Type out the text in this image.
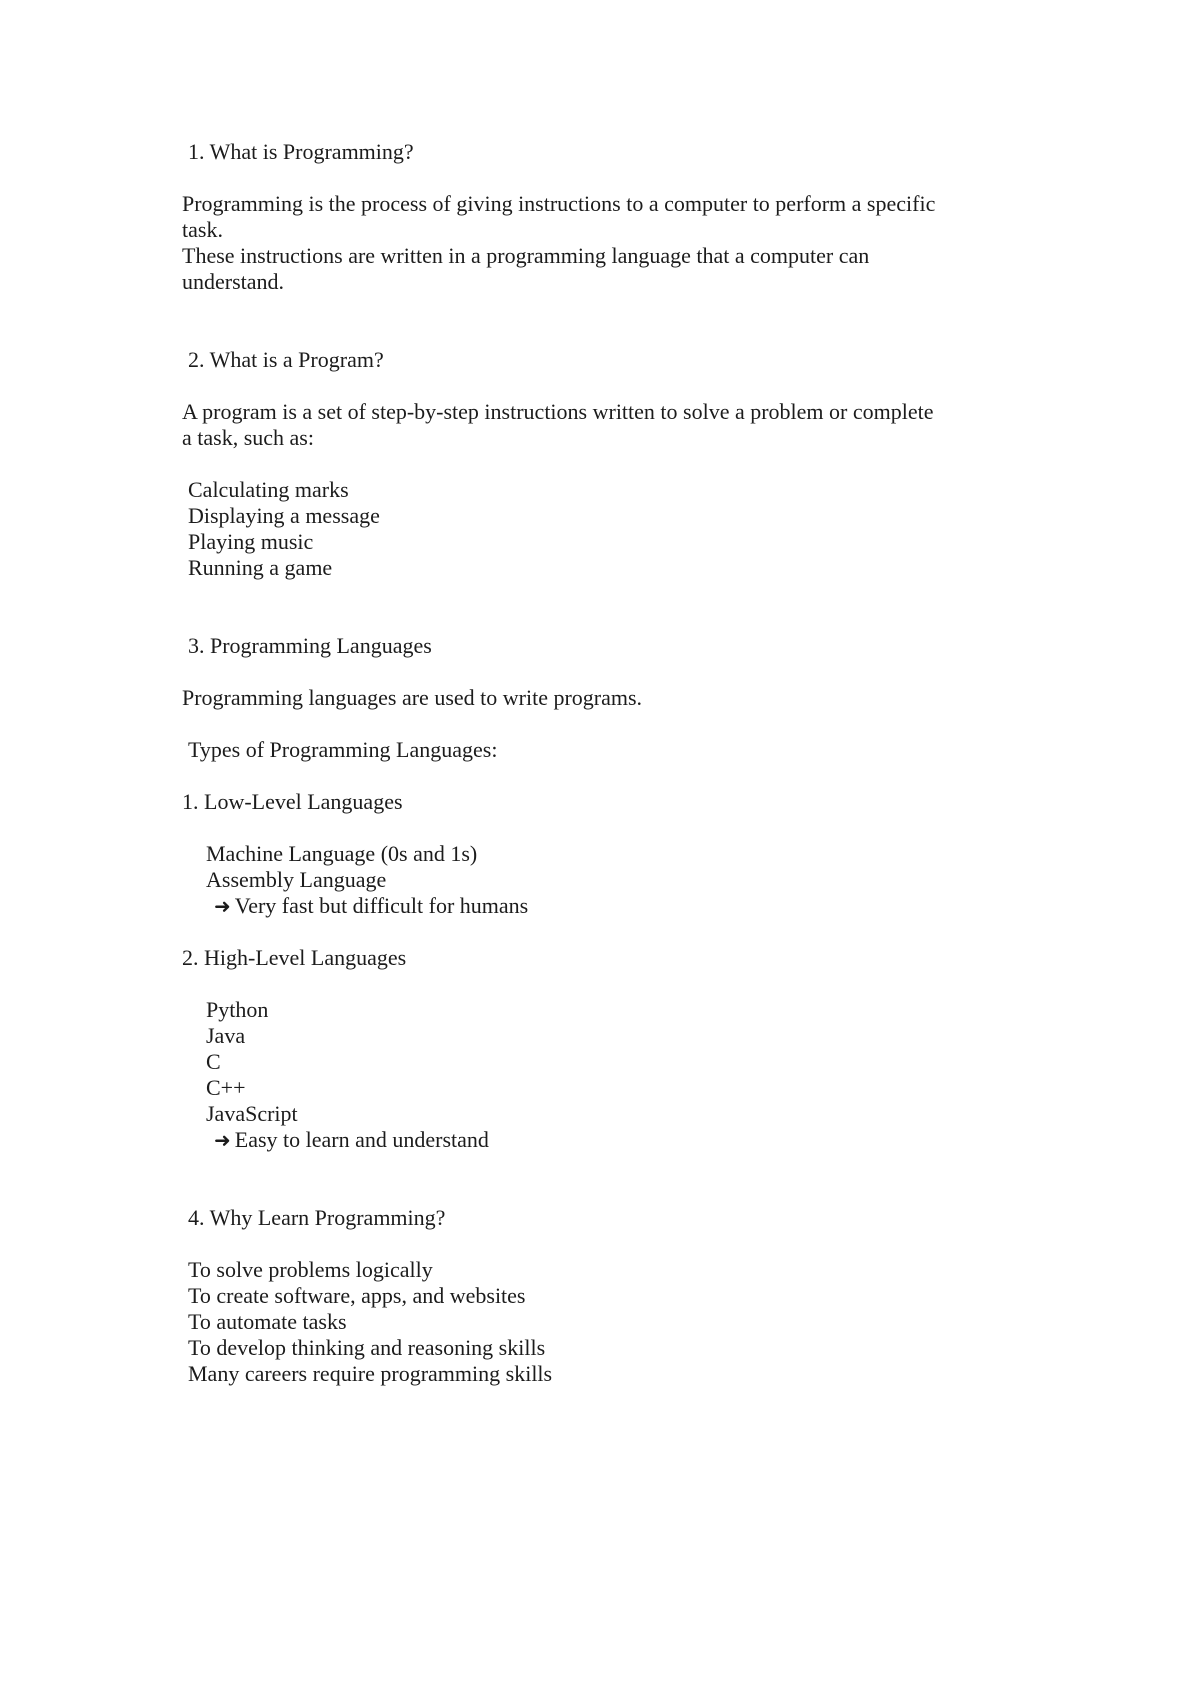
1. What is Programming?
Programming is the process of giving instructions to a computer to perform a specific
task.
These instructions are written in a programming language that a computer can
understand.
2. What is a Program?
A program is a set of step-by-step instructions written to solve a problem or complete
a task, such as:
Calculating marks
Displaying a message
Playing music
Running a game
3. Programming Languages
Programming languages are used to write programs.
Types of Programming Languages:
1. Low-Level Languages
Machine Language (0s and 1s)
Assembly Language
➜ Very fast but difficult for humans
2. High-Level Languages
Python
Java
C
C++
JavaScript
➜ Easy to learn and understand
4. Why Learn Programming?
To solve problems logically
To create software, apps, and websites
To automate tasks
To develop thinking and reasoning skills
Many careers require programming skills
